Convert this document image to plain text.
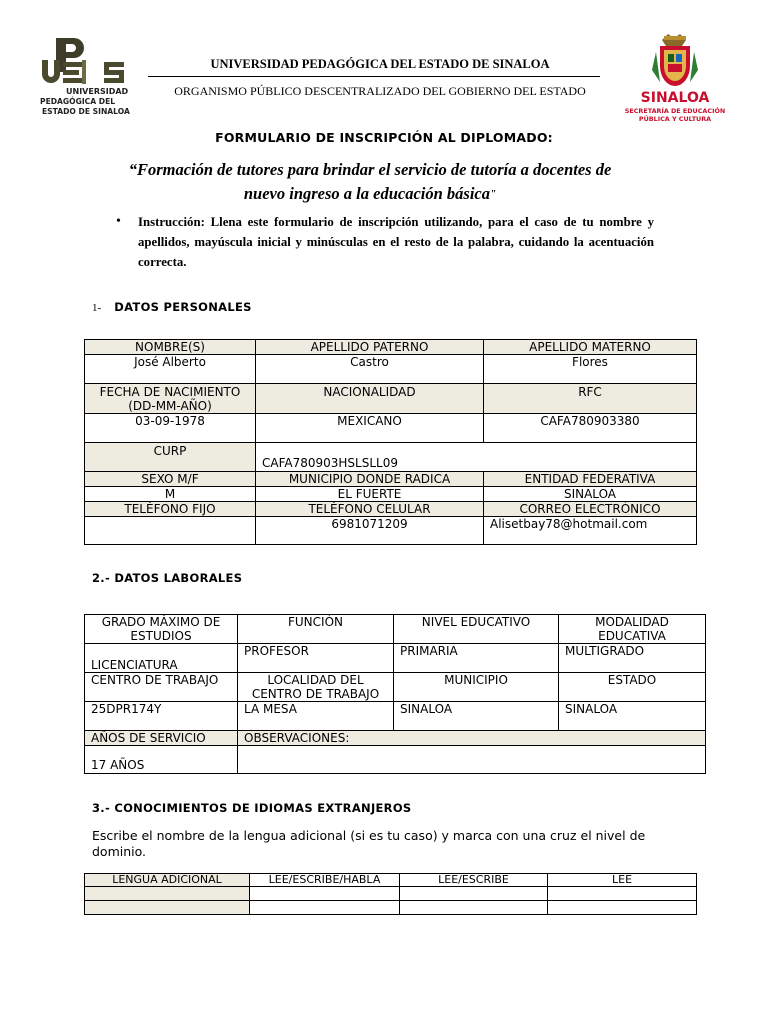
UNIVERSIDAD
PEDAGÓGICA DEL
ESTADO DE SINALOA
SINALOA
SECRETARÍA DE EDUCACIÓN
PÚBLICA Y CULTURA
UNIVERSIDAD PEDAGÓGICA DEL ESTADO DE SINALOA
ORGANISMO PÚBLICO DESCENTRALIZADO DEL GOBIERNO DEL ESTADO
FORMULARIO DE INSCRIPCIÓN AL DIPLOMADO:
“Formación de tutores para brindar el servicio de tutoría a docentes de
nuevo ingreso a la educación básica"
• Instrucción: Llena este formulario de inscripción utilizando, para el caso de tu nombre y apellidos, mayúscula inicial y minúsculas en el resto de la palabra, cuidando la acentuación correcta.
1- DATOS PERSONALES
NOMBRE(S)	APELLIDO PATERNO	APELLIDO MATERNO
José Alberto	Castro	Flores
FECHA DE NACIMIENTO (DD-MM-AÑO)	NACIONALIDAD	RFC
03-09-1978	MEXICANO	CAFA780903380
CURP	CAFA780903HSLSLL09	
SEXO M/F	MUNICIPIO DONDE RADICA	ENTIDAD FEDERATIVA
M	EL FUERTE	SINALOA
TELÉFONO FIJO	TELÉFONO CELULAR	CORREO ELECTRÓNICO
	6981071209	Alisetbay78@hotmail.com
2.- DATOS LABORALES
GRADO MÁXIMO DE ESTUDIOS	FUNCIÓN	NIVEL EDUCATIVO	MODALIDAD EDUCATIVA
LICENCIATURA	PROFESOR	PRIMARIA	MULTIGRADO
CENTRO DE TRABAJO	LOCALIDAD DEL CENTRO DE TRABAJO	MUNICIPIO	ESTADO
25DPR174Y	LA MESA	SINALOA	SINALOA
AÑOS DE SERVICIO	OBSERVACIONES:		
17 AÑOS			
3.- CONOCIMIENTOS DE IDIOMAS EXTRANJEROS
Escribe el nombre de la lengua adicional (si es tu caso) y marca con una cruz el nivel de dominio.
LENGUA ADICIONAL	LEE/ESCRIBE/HABLA	LEE/ESCRIBE	LEE
